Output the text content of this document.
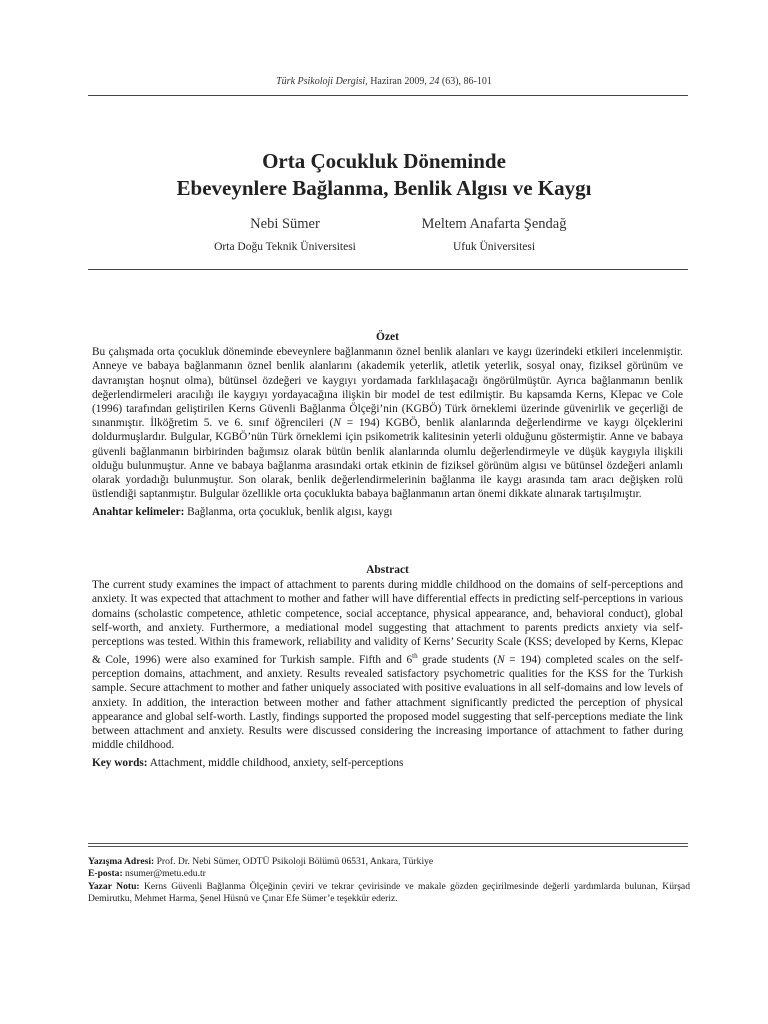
Türk Psikoloji Dergisi, Haziran 2009, 24 (63), 86-101
Orta Çocukluk Döneminde
Ebeveynlere Bağlanma, Benlik Algısı ve Kaygı
Nebi Sümer
Orta Doğu Teknik Üniversitesi
Meltem Anafarta Şendağ
Ufuk Üniversitesi
Özet

Bu çalışmada orta çocukluk döneminde ebeveynlere bağlanmanın öznel benlik alanları ve kaygı üzerindeki etkileri incelenmiştir. Anneye ve babaya bağlanmanın öznel benlik alanlarını (akademik yeterlik, atletik yeterlik, sosyal onay, fiziksel görünüm ve davranıştan hoşnut olma), bütünsel özdeğeri ve kaygıyı yordamada farklılaşacağı öngörülmüştür. Ayrıca bağlanmanın benlik değerlendirmeleri aracılığı ile kaygıyı yordayacağına ilişkin bir model de test edilmiştir. Bu kapsamda Kerns, Klepac ve Cole (1996) tarafından geliştirilen Kerns Güvenli Bağlanma Ölçeği’nin (KGBÖ) Türk örneklemi üzerinde güvenirlik ve geçerliği de sınanmıştır. İlköğretim 5. ve 6. sınıf öğrencileri (N = 194) KGBÖ, benlik alanlarında değerlendirme ve kaygı ölçeklerini doldurmuşlardır. Bulgular, KGBÖ’nün Türk örneklemi için psikometrik kalitesinin yeterli olduğunu göstermiştir. Anne ve babaya güvenli bağlanmanın birbirinden bağımsız olarak bütün benlik alanlarında olumlu değerlendirmeyle ve düşük kaygıyla ilişkili olduğu bulunmuştur. Anne ve babaya bağlanma arasındaki ortak etkinin de fiziksel görünüm algısı ve bütünsel özdeğeri anlamlı olarak yordadığı bulunmuştur. Son olarak, benlik değerlendirmelerinin bağlanma ile kaygı arasında tam aracı değişken rolü üstlendiği saptanmıştır. Bulgular özellikle orta çocuklukta babaya bağlanmanın artan önemi dikkate alınarak tartışılmıştır.

Anahtar kelimeler: Bağlanma, orta çocukluk, benlik algısı, kaygı

Abstract

The current study examines the impact of attachment to parents during middle childhood on the domains of self-perceptions and anxiety. It was expected that attachment to mother and father will have differential effects in predicting self-perceptions in various domains (scholastic competence, athletic competence, social acceptance, physical appearance, and, behavioral conduct), global self-worth, and anxiety. Furthermore, a mediational model suggesting that attachment to parents predicts anxiety via self-perceptions was tested. Within this framework, reliability and validity of Kerns’ Security Scale (KSS; developed by Kerns, Klepac & Cole, 1996) were also examined for Turkish sample. Fifth and 6th grade students (N = 194) completed scales on the self-perception domains, attachment, and anxiety. Results revealed satisfactory psychometric qualities for the KSS for the Turkish sample. Secure attachment to mother and father uniquely associated with positive evaluations in all self-domains and low levels of anxiety. In addition, the interaction between mother and father attachment significantly predicted the perception of physical appearance and global self-worth. Lastly, findings supported the proposed model suggesting that self-perceptions mediate the link between attachment and anxiety. Results were discussed considering the increasing importance of attachment to father during middle childhood.

Key words: Attachment, middle childhood, anxiety, self-perceptions

Yazışma Adresi: Prof. Dr. Nebi Sümer, ODTÜ Psikoloji Bölümü 06531, Ankara, Türkiye

E-posta: nsumer@metu.edu.tr

Yazar Notu: Kerns Güvenli Bağlanma Ölçeğinin çeviri ve tekrar çevirisinde ve makale gözden geçirilmesinde değerli yardımlarda bulunan, Kürşad Demirutku, Mehmet Harma, Şenel Hüsnü ve Çınar Efe Sümer’e teşekkür ederiz.
